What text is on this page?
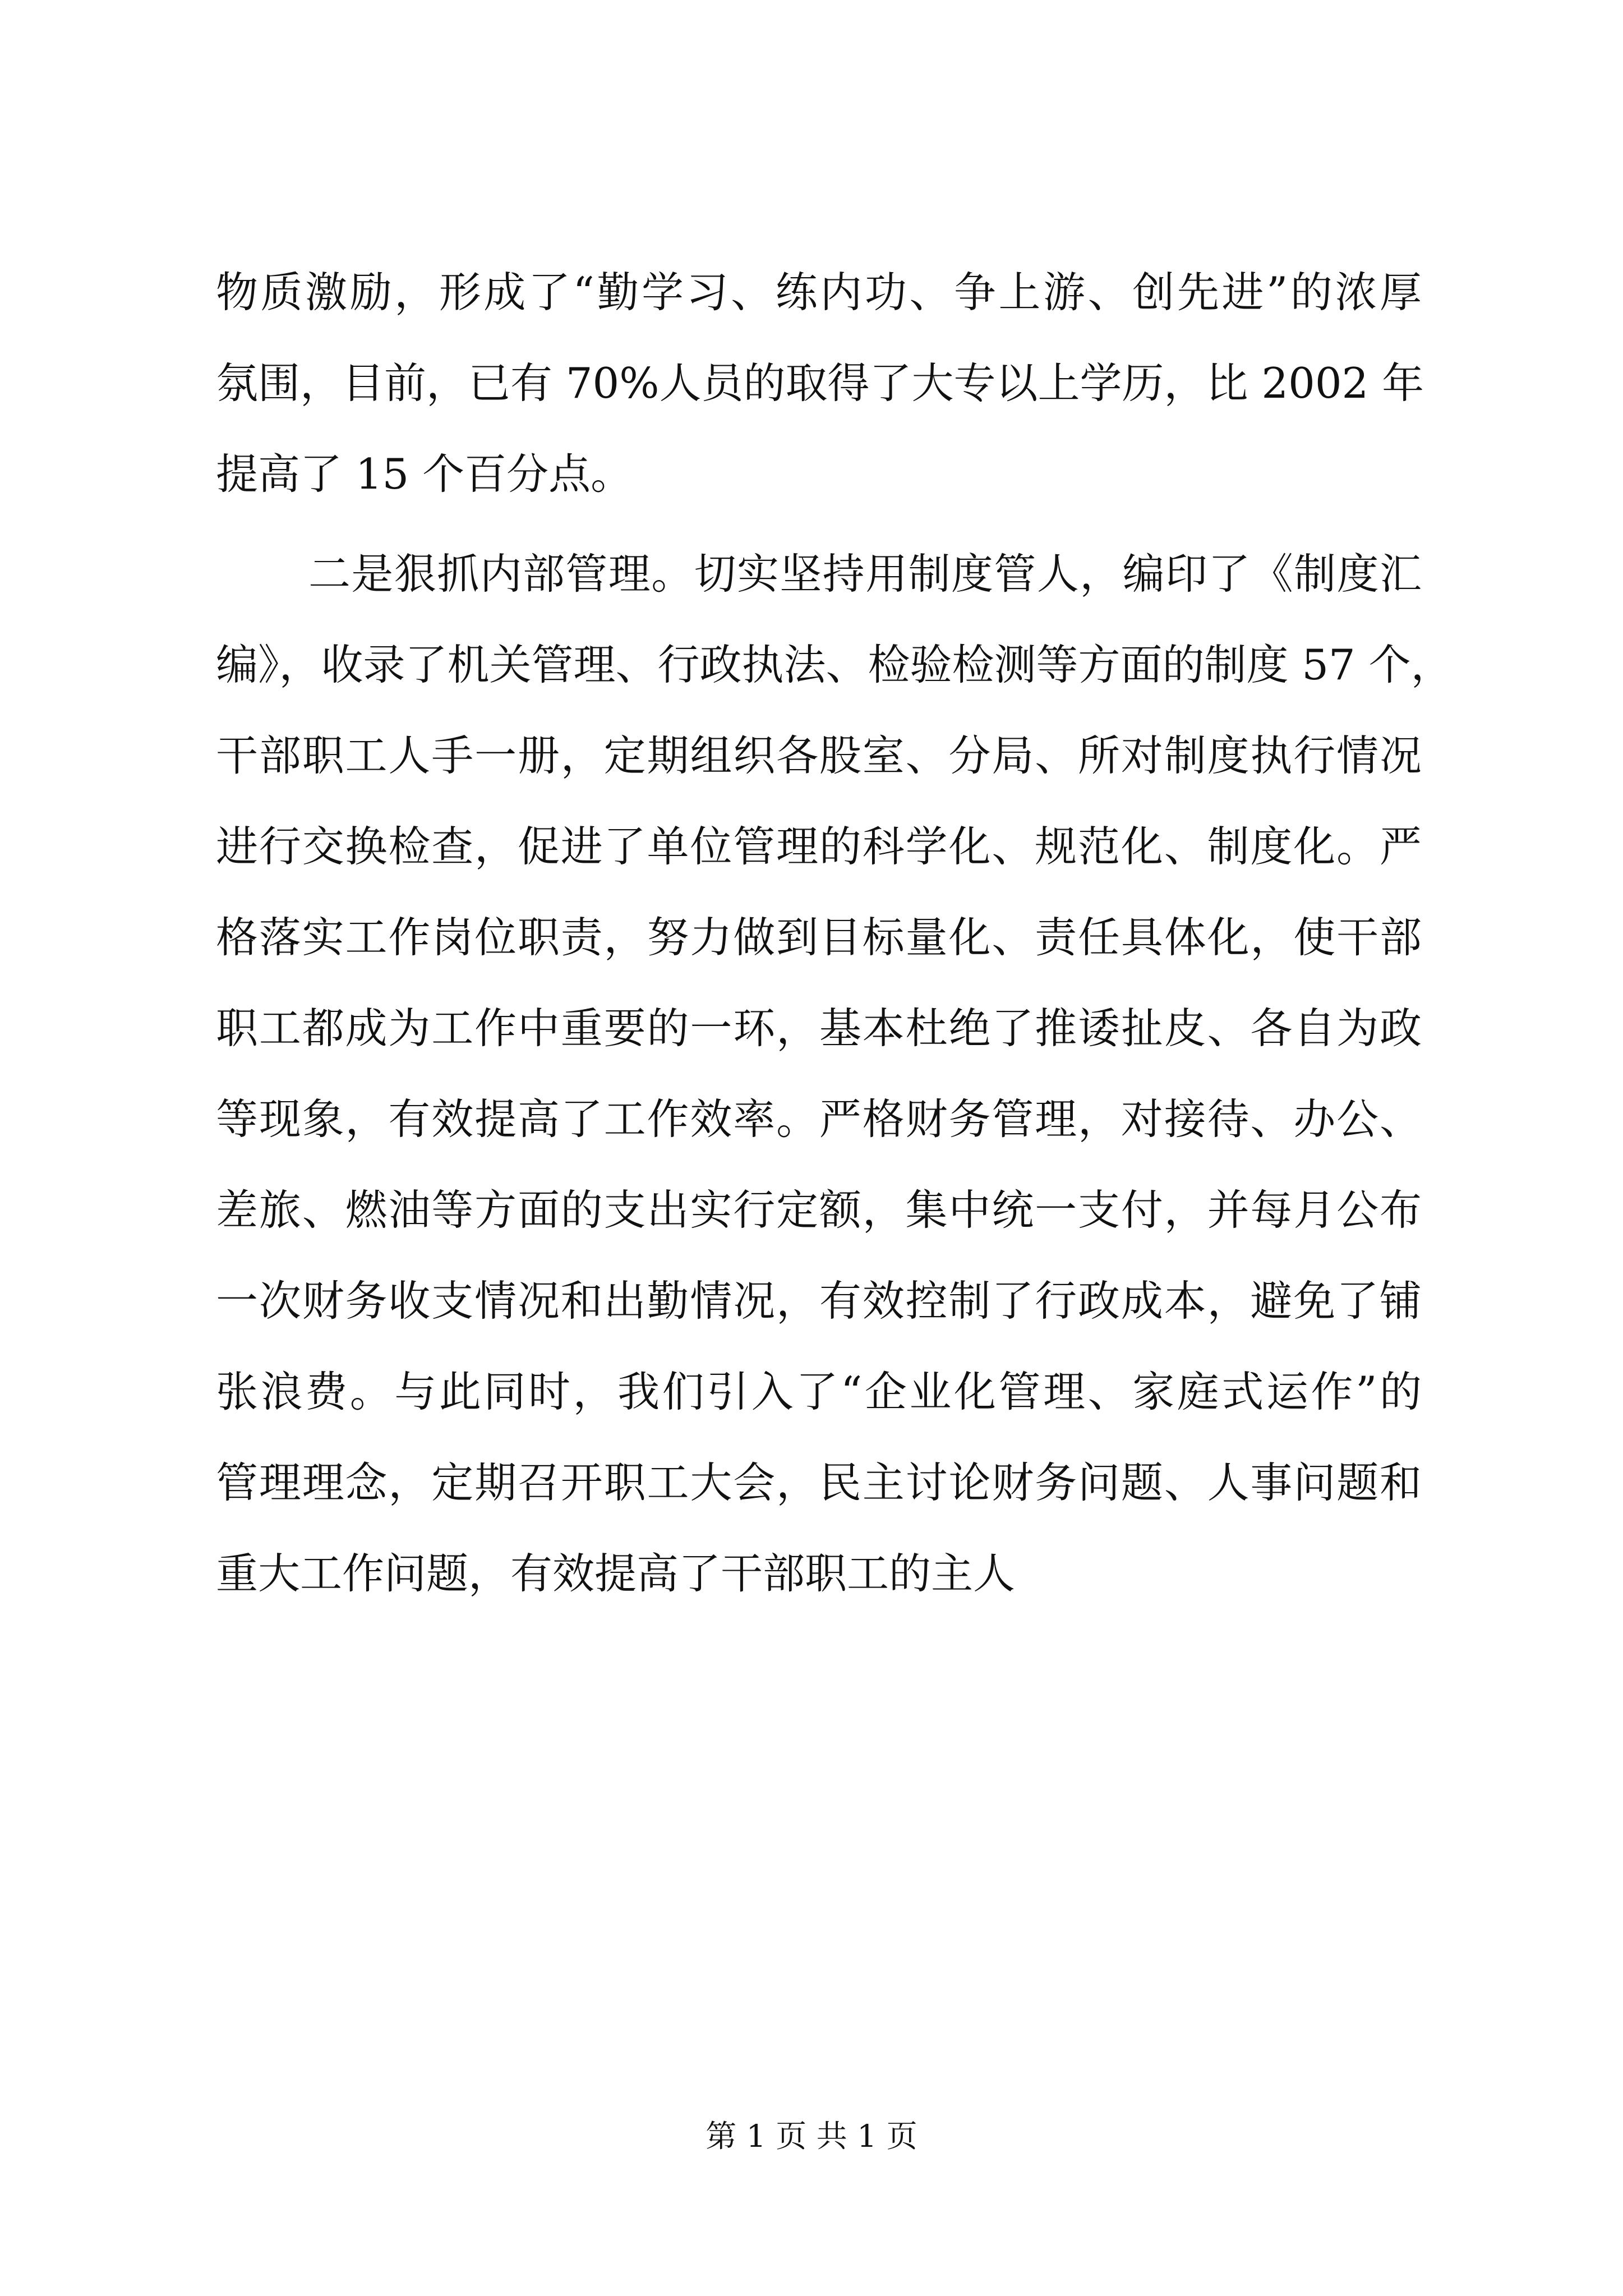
物质激励，形成了“勤学习、练内功、争上游、创先进”的浓厚
氛围，目前，已有 70%人员的取得了大专以上学历，比 2002 年
提高了 15 个百分点。
二是狠抓内部管理。切实坚持用制度管人，编印了《制度汇
编》，收录了机关管理、行政执法、检验检测等方面的制度 57 个，
干部职工人手一册，定期组织各股室、分局、所对制度执行情况
进行交换检查，促进了单位管理的科学化、规范化、制度化。严
格落实工作岗位职责，努力做到目标量化、责任具体化，使干部
职工都成为工作中重要的一环，基本杜绝了推诿扯皮、各自为政
等现象，有效提高了工作效率。严格财务管理，对接待、办公、
差旅、燃油等方面的支出实行定额，集中统一支付，并每月公布
一次财务收支情况和出勤情况，有效控制了行政成本，避免了铺
张浪费。与此同时，我们引入了“企业化管理、家庭式运作”的
管理理念，定期召开职工大会，民主讨论财务问题、人事问题和
重大工作问题，有效提高了干部职工的主人
第 1 页 共 1 页
